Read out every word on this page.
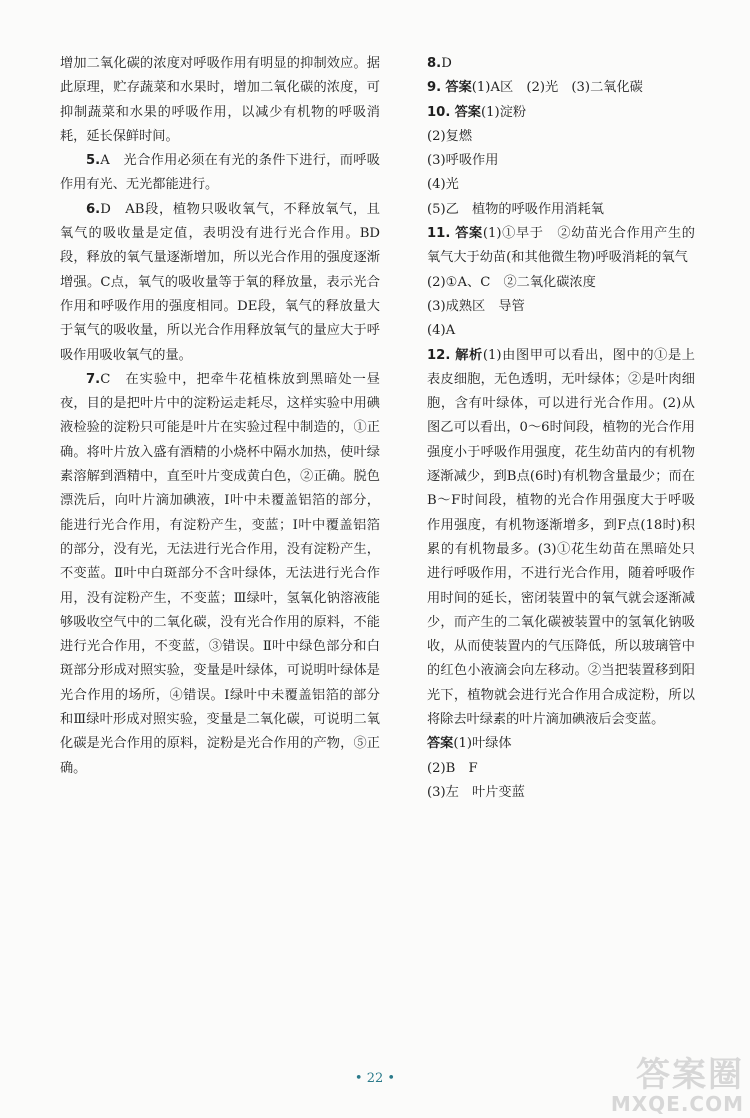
增加二氧化碳的浓度对呼吸作用有明显的抑制效应。据此原理，贮存蔬菜和水果时，增加二氧化碳的浓度，可抑制蔬菜和水果的呼吸作用，以减少有机物的呼吸消耗，延长保鲜时间。

5.A　光合作用必须在有光的条件下进行，而呼吸作用有光、无光都能进行。

6.D　AB段，植物只吸收氧气，不释放氧气，且氧气的吸收量是定值，表明没有进行光合作用。BD段，释放的氧气量逐渐增加，所以光合作用的强度逐渐增强。C点，氧气的吸收量等于氧的释放量，表示光合作用和呼吸作用的强度相同。DE段，氧气的释放量大于氧气的吸收量，所以光合作用释放氧气的量应大于呼吸作用吸收氧气的量。

7.C　在实验中，把牵牛花植株放到黑暗处一昼夜，目的是把叶片中的淀粉运走耗尽，这样实验中用碘液检验的淀粉只可能是叶片在实验过程中制造的，①正确。将叶片放入盛有酒精的小烧杯中隔水加热，使叶绿素溶解到酒精中，直至叶片变成黄白色，②正确。脱色漂洗后，向叶片滴加碘液，Ⅰ叶中未覆盖铝箔的部分，能进行光合作用，有淀粉产生，变蓝；Ⅰ叶中覆盖铝箔的部分，没有光，无法进行光合作用，没有淀粉产生，不变蓝。Ⅱ叶中白斑部分不含叶绿体，无法进行光合作用，没有淀粉产生，不变蓝；Ⅲ绿叶，氢氧化钠溶液能够吸收空气中的二氧化碳，没有光合作用的原料，不能进行光合作用，不变蓝，③错误。Ⅱ叶中绿色部分和白斑部分形成对照实验，变量是叶绿体，可说明叶绿体是光合作用的场所，④错误。Ⅰ绿叶中未覆盖铝箔的部分和Ⅲ绿叶形成对照实验，变量是二氧化碳，可说明二氧化碳是光合作用的原料，淀粉是光合作用的产物，⑤正确。

8.D

9. 答案(1)A区　(2)光　(3)二氧化碳

10. 答案(1)淀粉

(2)复燃

(3)呼吸作用

(4)光

(5)乙　植物的呼吸作用消耗氧

11. 答案(1)①早于　②幼苗光合作用产生的氧气大于幼苗(和其他微生物)呼吸消耗的氧气

(2)①A、C　②二氧化碳浓度

(3)成熟区　导管

(4)A

12. 解析(1)由图甲可以看出，图中的①是上表皮细胞，无色透明，无叶绿体；②是叶肉细胞，含有叶绿体，可以进行光合作用。(2)从图乙可以看出，0～6时间段，植物的光合作用强度小于呼吸作用强度，花生幼苗内的有机物逐渐减少，到B点(6时)有机物含量最少；而在B～F时间段，植物的光合作用强度大于呼吸作用强度，有机物逐渐增多，到F点(18时)积累的有机物最多。(3)①花生幼苗在黑暗处只进行呼吸作用，不进行光合作用，随着呼吸作用时间的延长，密闭装置中的氧气就会逐渐减少，而产生的二氧化碳被装置中的氢氧化钠吸收，从而使装置内的气压降低，所以玻璃管中的红色小液滴会向左移动。②当把装置移到阳光下，植物就会进行光合作用合成淀粉，所以将除去叶绿素的叶片滴加碘液后会变蓝。

答案(1)叶绿体

(2)B　F

(3)左　叶片变蓝

• 22 •	答案圈
MXQE.COM
